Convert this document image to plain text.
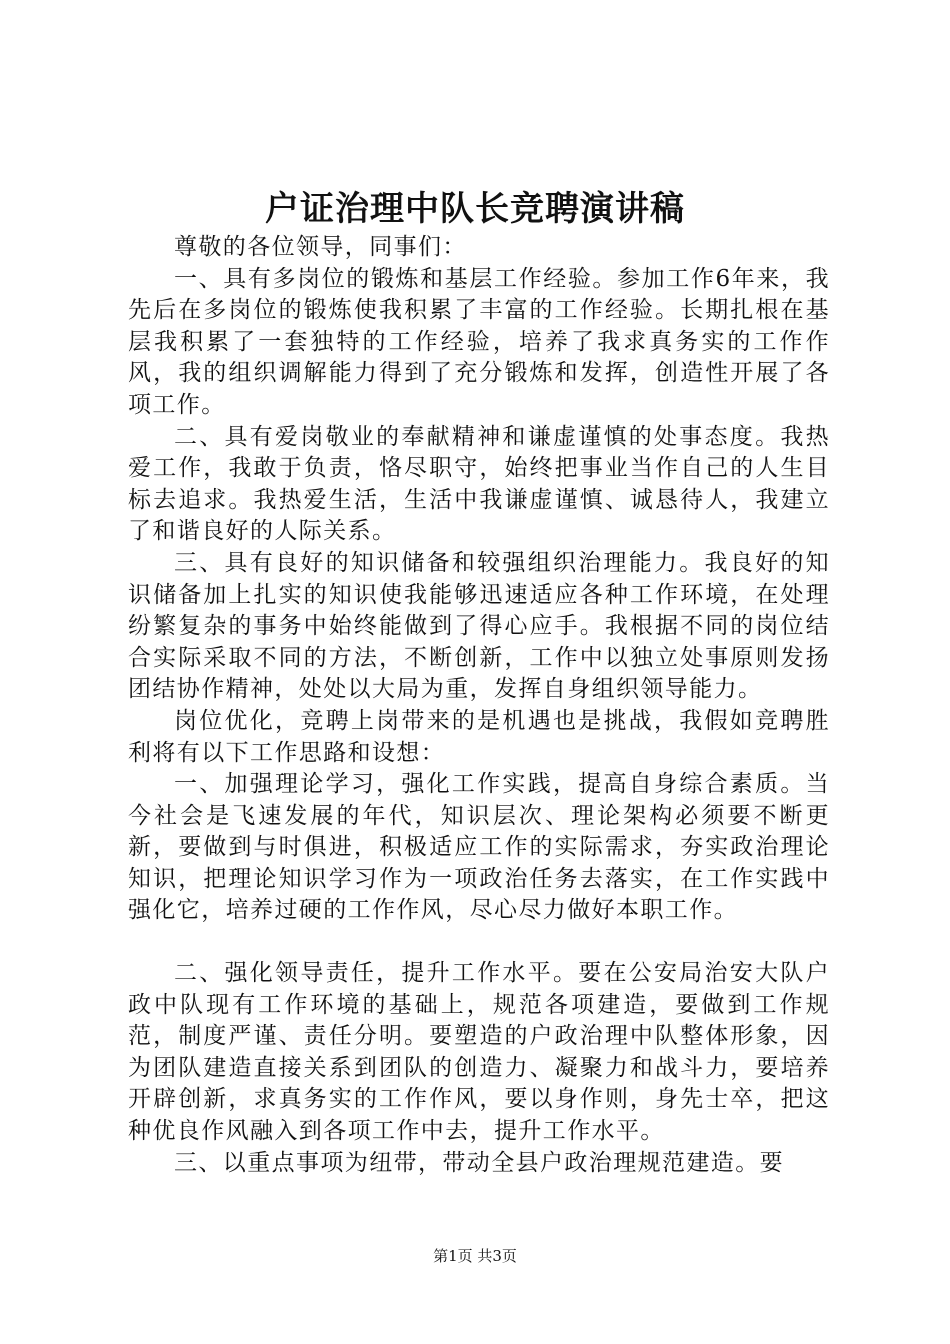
户证治理中队长竞聘演讲稿

尊敬的各位领导，同事们：

一、具有多岗位的锻炼和基层工作经验。参加工作6年来，我先后在多岗位的锻炼使我积累了丰富的工作经验。长期扎根在基层我积累了一套独特的工作经验，培养了我求真务实的工作作风，我的组织调解能力得到了充分锻炼和发挥，创造性开展了各项工作。

二、具有爱岗敬业的奉献精神和谦虚谨慎的处事态度。我热爱工作，我敢于负责，恪尽职守，始终把事业当作自己的人生目标去追求。我热爱生活，生活中我谦虚谨慎、诚恳待人，我建立了和谐良好的人际关系。

三、具有良好的知识储备和较强组织治理能力。我良好的知识储备加上扎实的知识使我能够迅速适应各种工作环境，在处理纷繁复杂的事务中始终能做到了得心应手。我根据不同的岗位结合实际采取不同的方法，不断创新，工作中以独立处事原则发扬团结协作精神，处处以大局为重，发挥自身组织领导能力。

岗位优化，竞聘上岗带来的是机遇也是挑战，我假如竞聘胜利将有以下工作思路和设想：

一、加强理论学习，强化工作实践，提高自身综合素质。当今社会是飞速发展的年代，知识层次、理论架构必须要不断更新，要做到与时俱进，积极适应工作的实际需求，夯实政治理论知识，把理论知识学习作为一项政治任务去落实，在工作实践中强化它，培养过硬的工作作风，尽心尽力做好本职工作。

二、强化领导责任，提升工作水平。要在公安局治安大队户政中队现有工作环境的基础上，规范各项建造，要做到工作规范，制度严谨、责任分明。要塑造的户政治理中队整体形象，因为团队建造直接关系到团队的创造力、凝聚力和战斗力，要培养开辟创新，求真务实的工作作风，要以身作则，身先士卒，把这种优良作风融入到各项工作中去，提升工作水平。

三、以重点事项为纽带，带动全县户政治理规范建造。要

第1页 共3页
